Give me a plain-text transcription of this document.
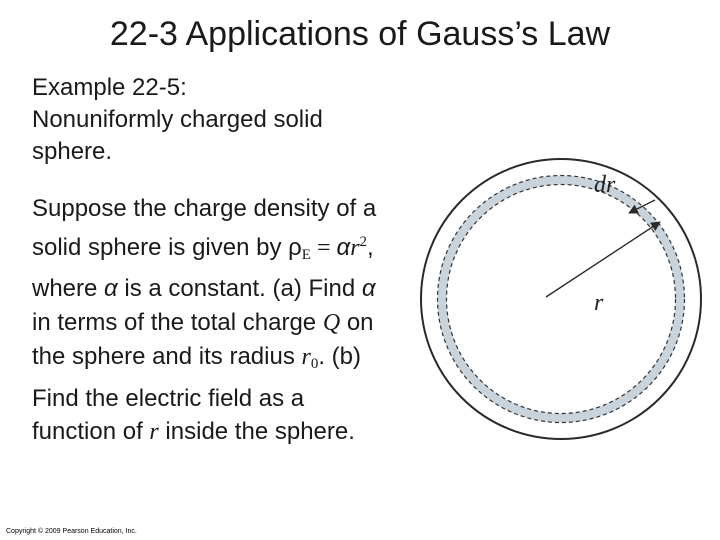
22-3 Applications of Gauss’s Law
Example 22-5:
Nonuniformly charged solid sphere.
Suppose the charge density of a solid sphere is given by $\rho_E = \alpha r^2$, where α is a constant. (a) Find α in terms of the total charge Q on the sphere and its radius $r_0$. (b) Find the electric field as a function of r inside the sphere.
dr
r
Copyright © 2009 Pearson Education, Inc.
